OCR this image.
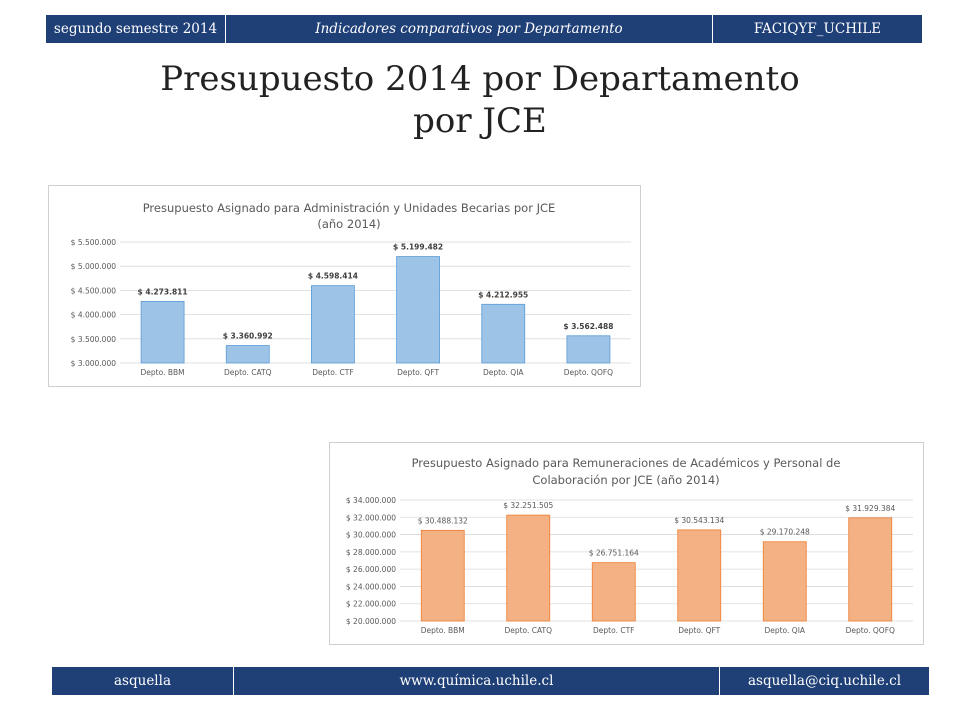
segundo semestre 2014	Indicadores comparativos por Departamento	FACIQYF_UCHILE
Presupuesto 2014 por Departamento
por JCE
Presupuesto Asignado para Administración y Unidades Becarias por JCE
(año 2014)
$ 3.000.000
$ 3.500.000
$ 4.000.000
$ 4.500.000
$ 5.000.000
$ 5.500.000
$ 4.273.811
Depto. BBM
$ 3.360.992
Depto. CATQ
$ 4.598.414
Depto. CTF
$ 5.199.482
Depto. QFT
$ 4.212.955
Depto. QIA
$ 3.562.488
Depto. QOFQ
Presupuesto Asignado para Remuneraciones de Académicos y Personal de
Colaboración por JCE (año 2014)
$ 20.000.000
$ 22.000.000
$ 24.000.000
$ 26.000.000
$ 28.000.000
$ 30.000.000
$ 32.000.000
$ 34.000.000
$ 30.488.132
Depto. BBM
$ 32.251.505
Depto. CATQ
$ 26.751.164
Depto. CTF
$ 30.543.134
Depto. QFT
$ 29.170.248
Depto. QIA
$ 31.929.384
Depto. QOFQ
asquella	www.química.uchile.cl	asquella@ciq.uchile.cl
